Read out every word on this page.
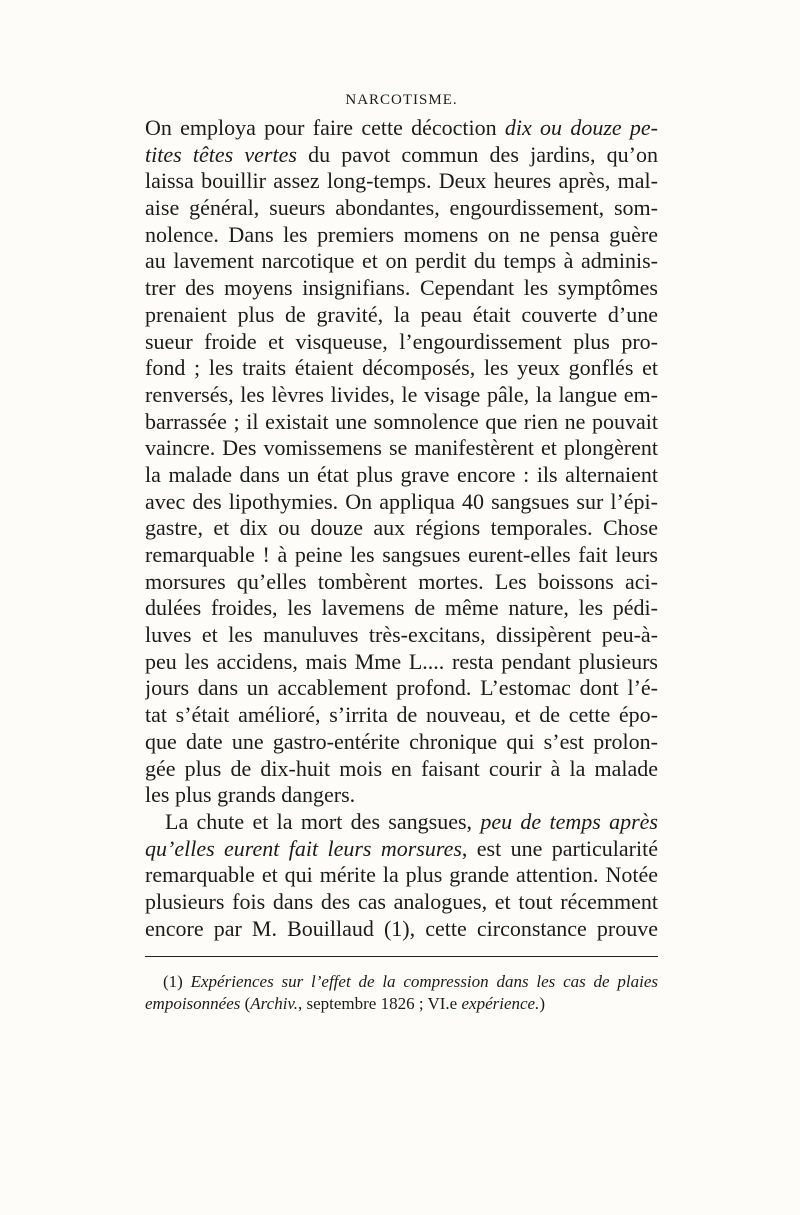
NARCOTISME.
On employa pour faire cette décoction dix ou douze pe-
tites têtes vertes du pavot commun des jardins, qu’on
laissa bouillir assez long-temps. Deux heures après, mal-
aise général, sueurs abondantes, engourdissement, som-
nolence. Dans les premiers momens on ne pensa guère
au lavement narcotique et on perdit du temps à adminis-
trer des moyens insignifians. Cependant les symptômes
prenaient plus de gravité, la peau était couverte d’une
sueur froide et visqueuse, l’engourdissement plus pro-
fond ; les traits étaient décomposés, les yeux gonflés et
renversés, les lèvres livides, le visage pâle, la langue em-
barrassée ; il existait une somnolence que rien ne pouvait
vaincre. Des vomissemens se manifestèrent et plongèrent
la malade dans un état plus grave encore : ils alternaient
avec des lipothymies. On appliqua 40 sangsues sur l’épi-
gastre, et dix ou douze aux régions temporales. Chose
remarquable ! à peine les sangsues eurent-elles fait leurs
morsures qu’elles tombèrent mortes. Les boissons aci-
dulées froides, les lavemens de même nature, les pédi-
luves et les manuluves très-excitans, dissipèrent peu-à-
peu les accidens, mais Mme L.... resta pendant plusieurs
jours dans un accablement profond. L’estomac dont l’é-
tat s’était amélioré, s’irrita de nouveau, et de cette épo-
que date une gastro-entérite chronique qui s’est prolon-
gée plus de dix-huit mois en faisant courir à la malade
les plus grands dangers.
La chute et la mort des sangsues, peu de temps après
qu’elles eurent fait leurs morsures, est une particularité
remarquable et qui mérite la plus grande attention. Notée
plusieurs fois dans des cas analogues, et tout récemment
encore par M. Bouillaud (1), cette circonstance prouve
(1) Expériences sur l’effet de la compression dans les cas de plaies
empoisonnées (Archiv., septembre 1826 ; VI.e expérience.)
